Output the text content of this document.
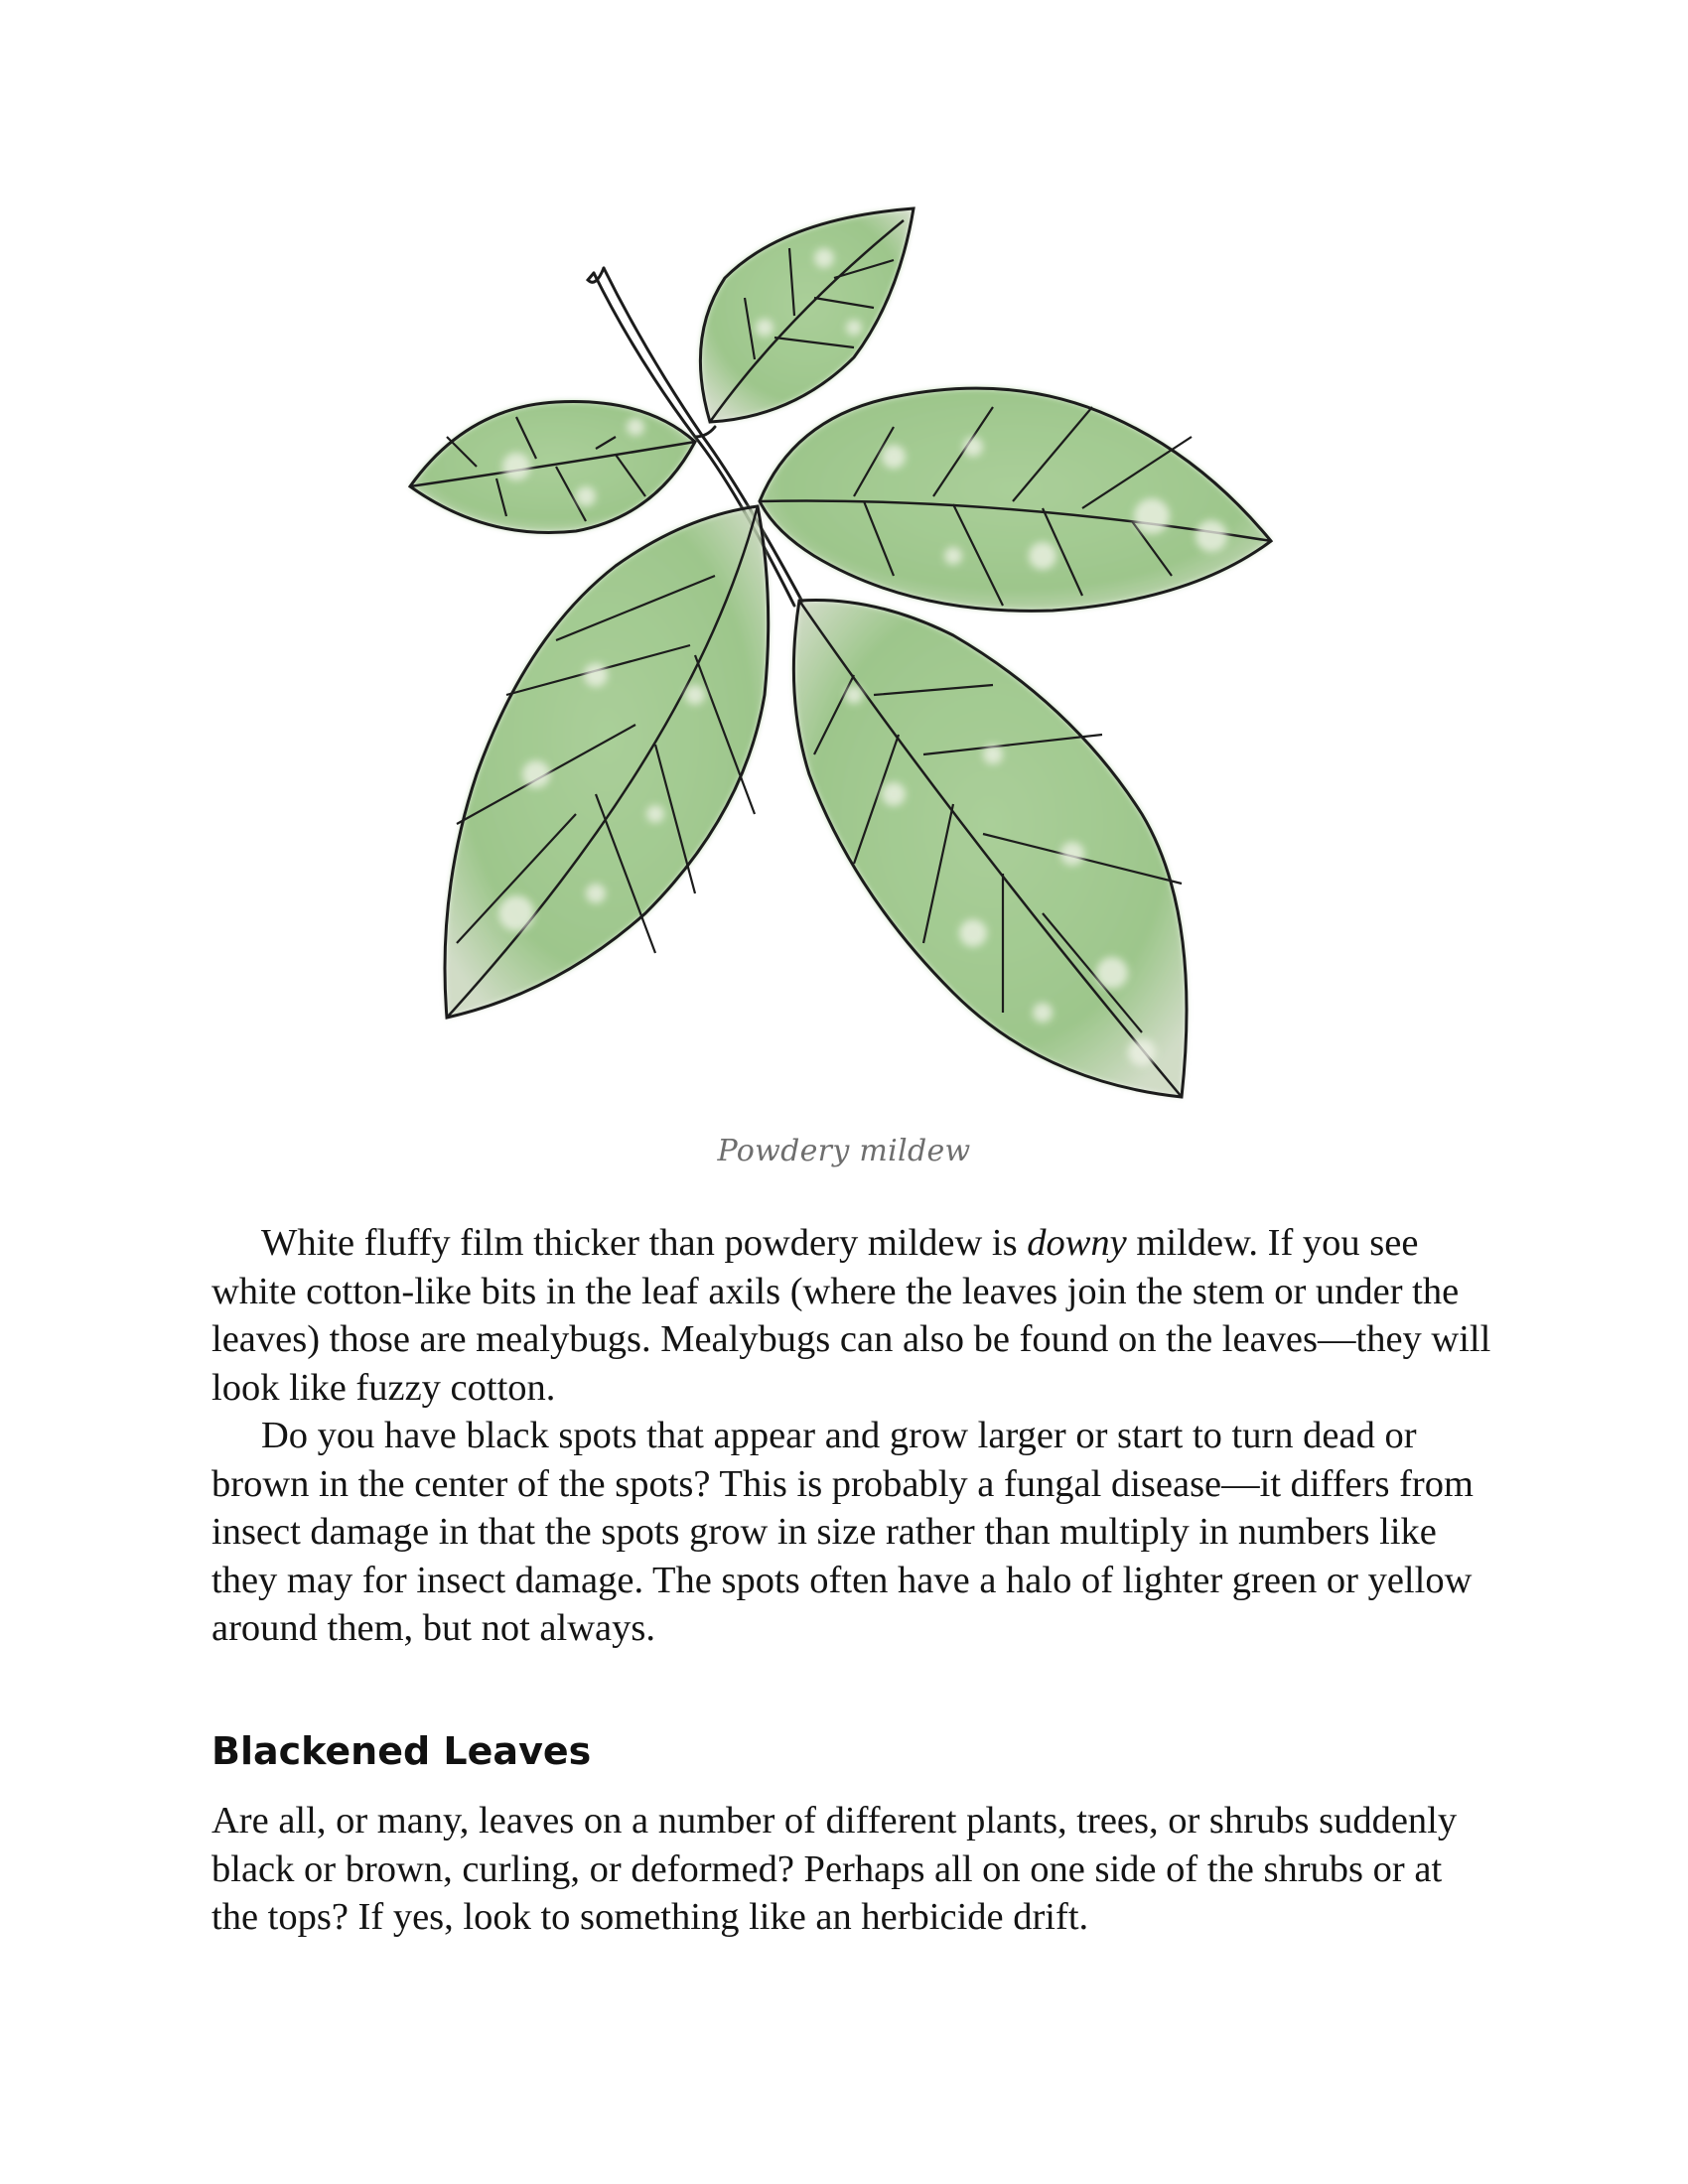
Powdery mildew

White fluffy film thicker than powdery mildew is downy mildew. If you see white cotton-like bits in the leaf axils (where the leaves join the stem or under the leaves) those are mealybugs. Mealybugs can also be found on the leaves—they will look like fuzzy cotton.

Do you have black spots that appear and grow larger or start to turn dead or brown in the center of the spots? This is probably a fungal disease—it differs from insect damage in that the spots grow in size rather than multiply in numbers like they may for insect damage. The spots often have a halo of lighter green or yellow around them, but not always.

Blackened Leaves

Are all, or many, leaves on a number of different plants, trees, or shrubs suddenly black or brown, curling, or deformed? Perhaps all on one side of the shrubs or at the tops? If yes, look to something like an herbicide drift.
